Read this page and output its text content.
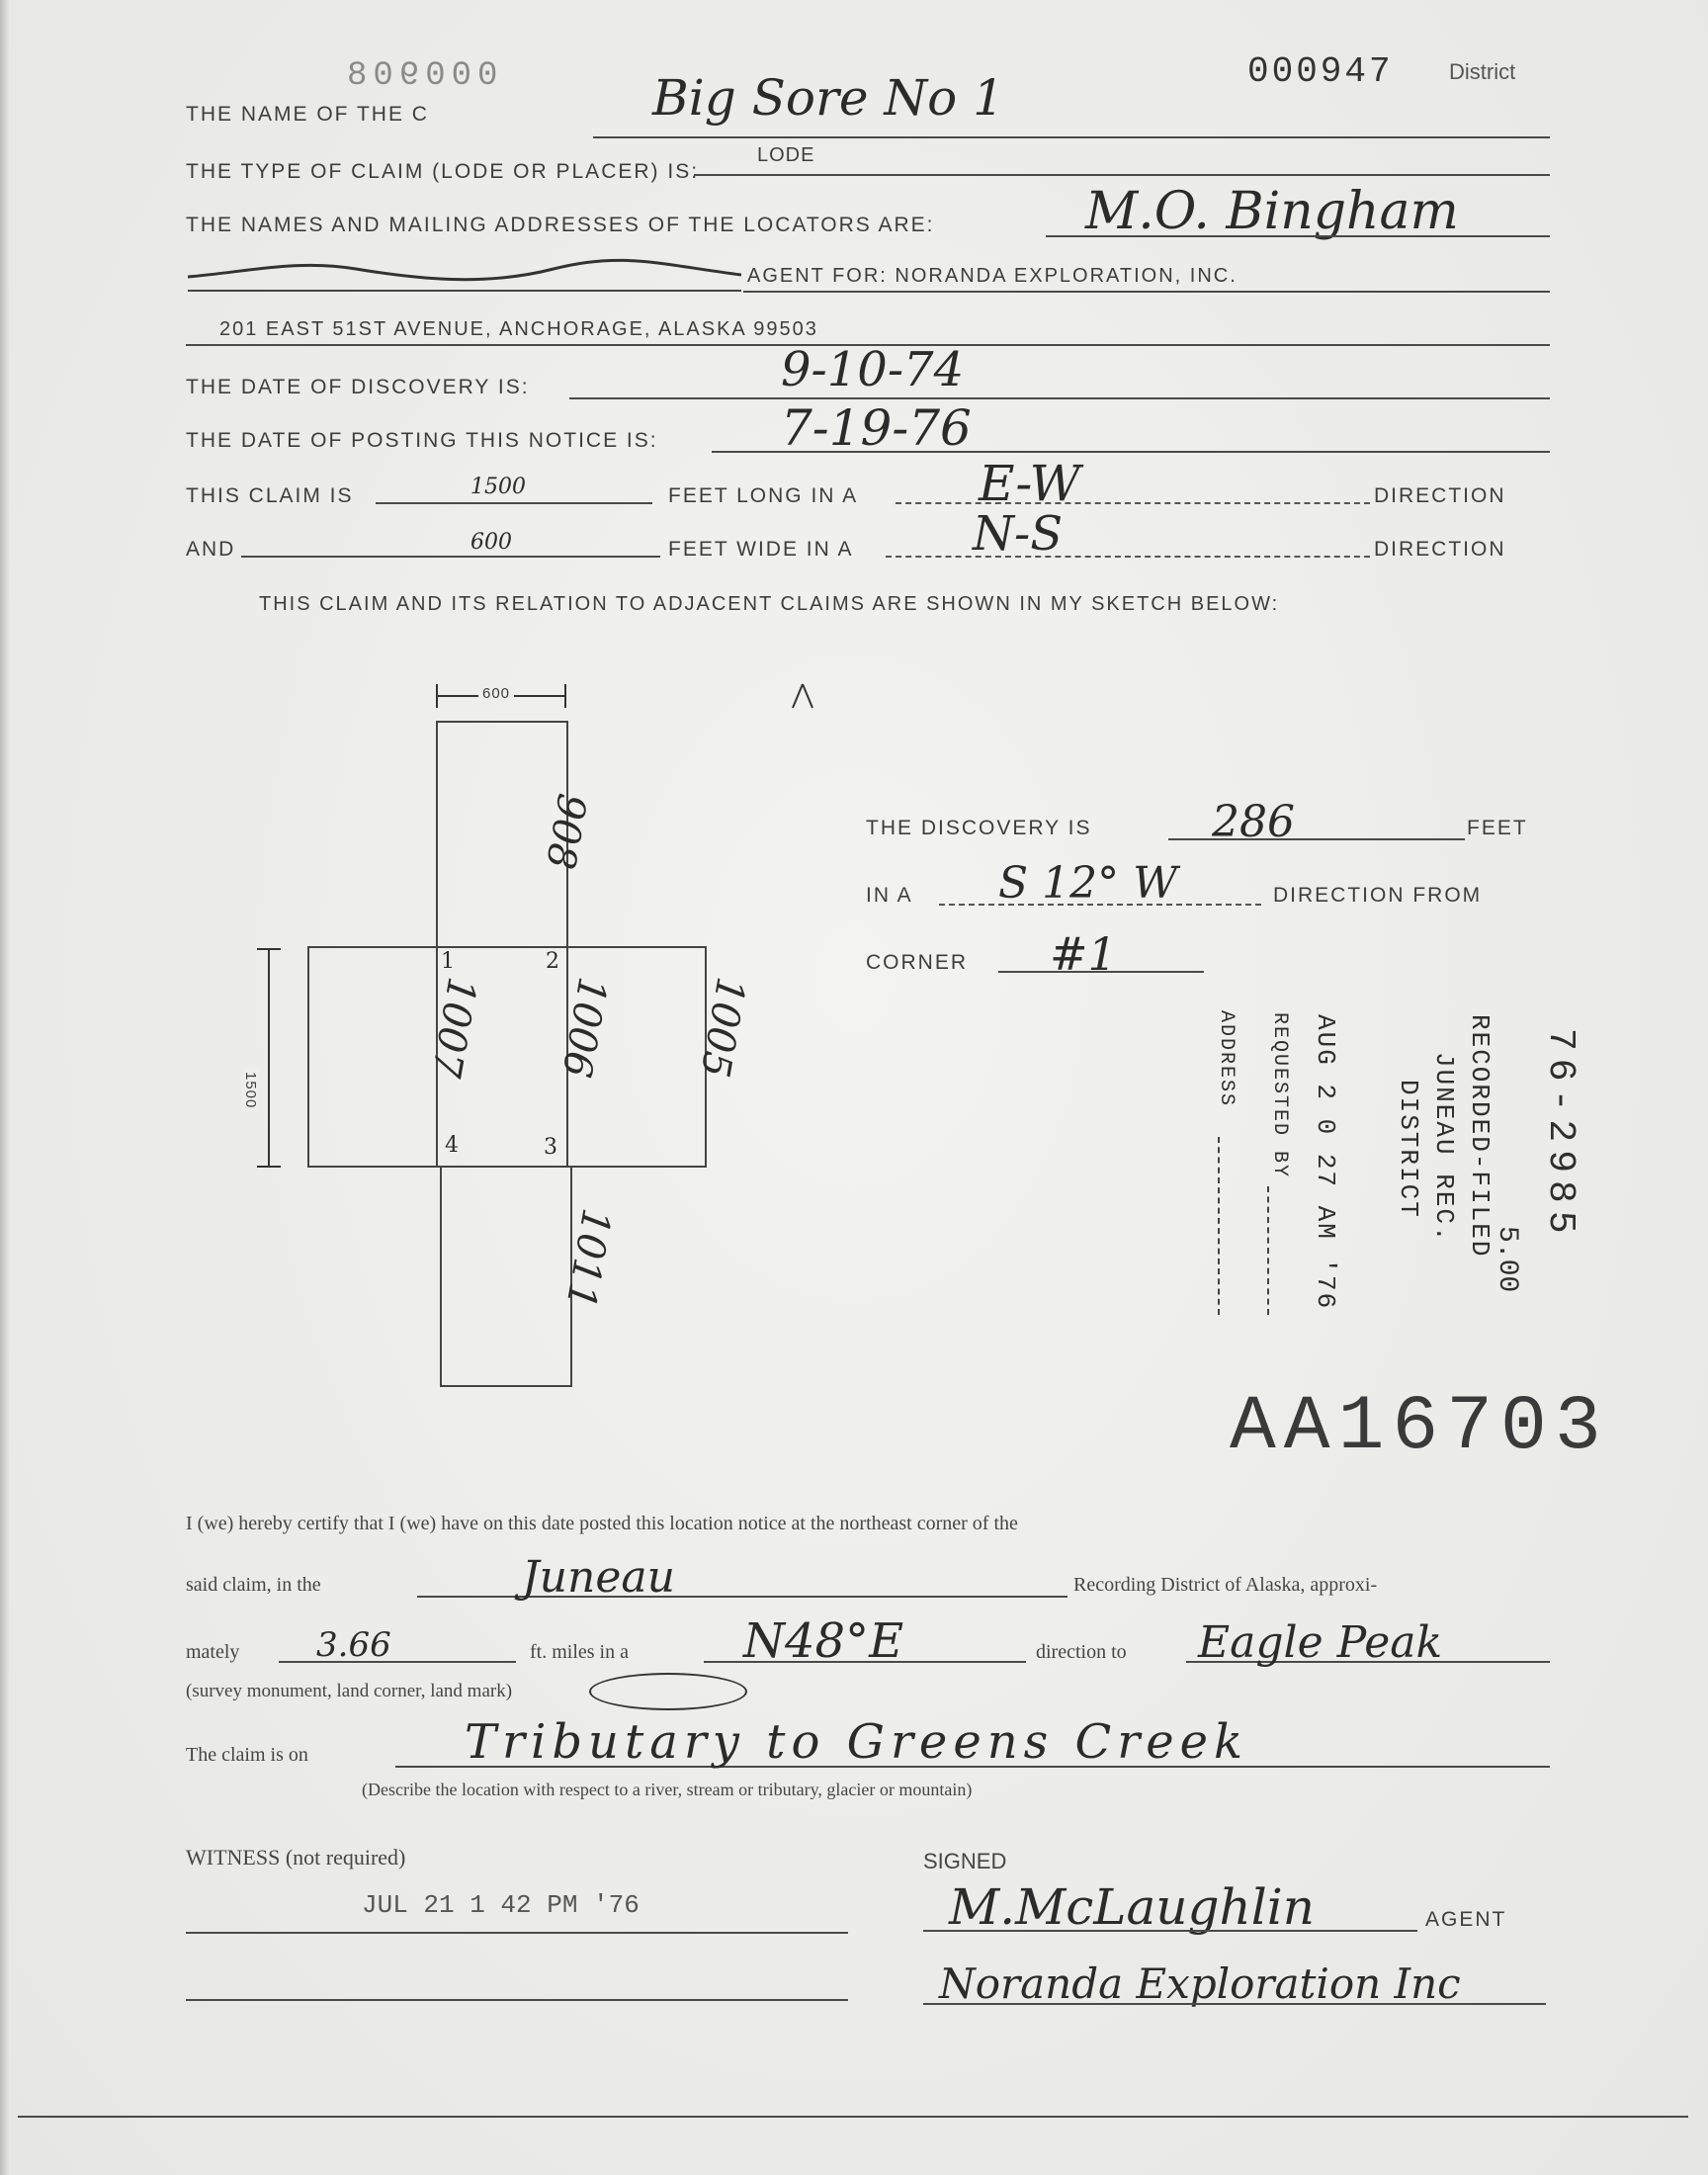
000908	000947	District
THE NAME OF THE C	Big Sore No 1
THE TYPE OF CLAIM (LODE OR PLACER) IS:
LODE
THE NAMES AND MAILING ADDRESSES OF THE LOCATORS ARE:	M.O. Bingham
AGENT FOR: NORANDA EXPLORATION, INC.
201 EAST 51ST AVENUE, ANCHORAGE, ALASKA 99503
THE DATE OF DISCOVERY IS:	9-10-74
THE DATE OF POSTING THIS NOTICE IS: 7-19-76
THIS CLAIM IS	1500	FEET LONG IN A E-W	DIRECTION
AND	600	FEET WIDE IN A	N-S	DIRECTION
THIS CLAIM AND ITS RELATION TO ADJACENT CLAIMS ARE SHOWN IN MY SKETCH BELOW:
600
1500
908
1006
1007	1005
1011
1	2
3
4
THE DISCOVERY IS	286	FEET
IN A S 12° W	DIRECTION FROM
CORNER #1
76-2985
5.00
RECORDED-FILED
JUNEAU REC.
DISTRICT
AUG 2 0 27 AM '76
REQUESTED BY
ADDRESS
AA16703
I (we) hereby certify that I (we) have on this date posted this location notice at the northeast corner of the
said claim, in the	Juneau	Recording District of Alaska, approxi-
mately 3.66	ft. miles in a N48°E	direction to Eagle Peak
(survey monument, land corner, land mark)
The claim is on	Tributary to Greens Creek
(Describe the location with respect to a river, stream or tributary, glacier or mountain)
WITNESS (not required)
JUL 21 1 42 PM '76
SIGNED
M.McLaughlin	AGENT
Noranda Exploration Inc
